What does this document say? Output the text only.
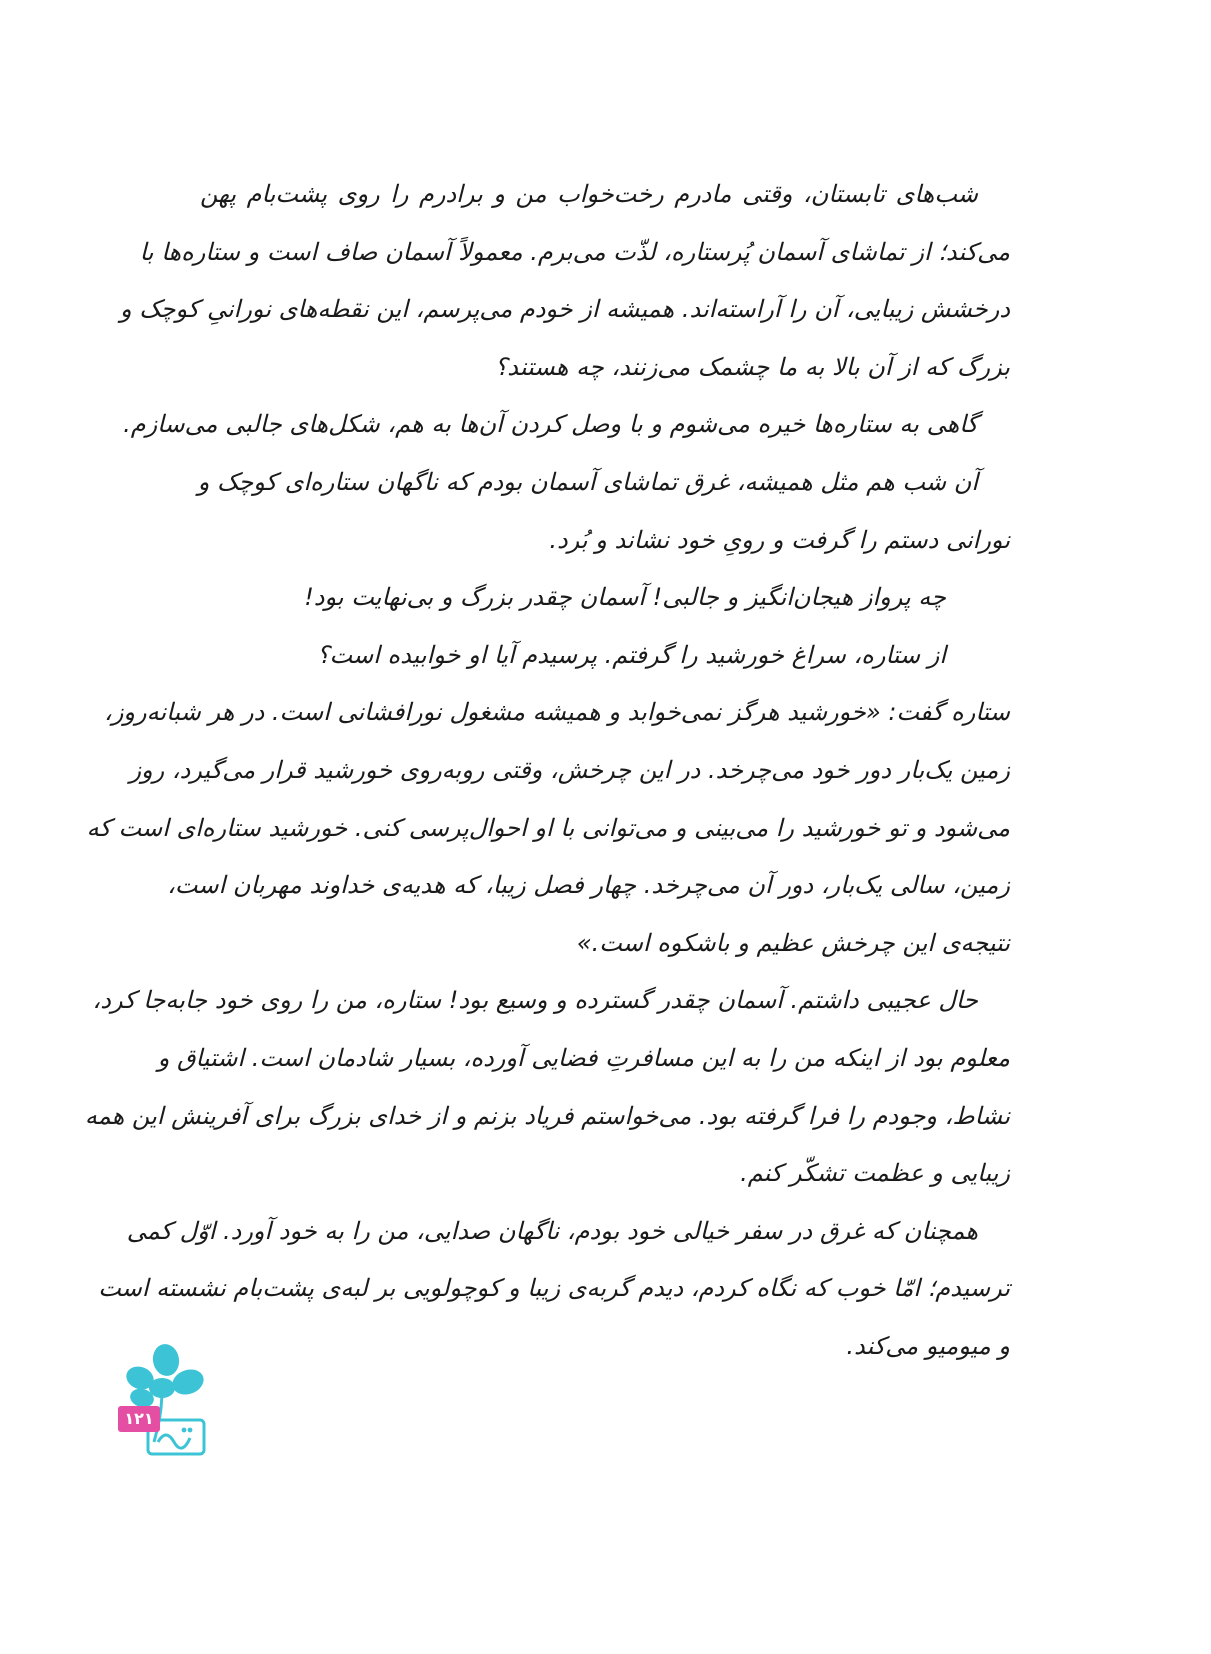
شب‌های تابستان، وقتی مادرم رخت‌خواب من و برادرم را روی پشت‌بام پهن
می‌کند؛ از تماشای آسمان پُرستاره، لذّت می‌برم. معمولاً آسمان صاف است و ستاره‌ها با
درخشش زیبایی، آن را آراسته‌اند. همیشه از خودم می‌پرسم، این نقطه‌های نورانیِ کوچک و
بزرگ که از آن بالا به ما چشمک می‌زنند، چه هستند؟
گاهی به ستاره‌ها خیره می‌شوم و با وصل کردن آن‌ها به هم، شکل‌های جالبی می‌سازم.
آن شب هم مثل همیشه، غرق تماشای آسمان بودم که ناگهان ستاره‌ای کوچک و
نورانی دستم را گرفت و رویِ خود نشاند و بُرد.
چه پرواز هیجان‌انگیز و جالبی! آسمان چقدر بزرگ و بی‌نهایت بود!
از ستاره، سراغ خورشید را گرفتم. پرسیدم آیا او خوابیده است؟
ستاره گفت: «خورشید هرگز نمی‌خوابد و همیشه مشغول نورافشانی است. در هر شبانه‌روز،
زمین یک‌بار دور خود می‌چرخد. در این چرخش، وقتی روبه‌روی خورشید قرار می‌گیرد، روز
می‌شود و تو خورشید را می‌بینی و می‌توانی با او احوال‌پرسی کنی. خورشید ستاره‌ای است که
زمین، سالی یک‌بار، دور آن می‌چرخد. چهار فصل زیبا، که هدیه‌ی خداوند مهربان است،
نتیجه‌ی این چرخش عظیم و باشکوه است.»
حال عجیبی داشتم. آسمان چقدر گسترده و وسیع بود! ستاره، من را روی خود جابه‌جا کرد،
معلوم بود از اینکه من را به این مسافرتِ فضایی آورده، بسیار شادمان است. اشتیاق و
نشاط، وجودم را فرا گرفته بود. می‌خواستم فریاد بزنم و از خدای بزرگ برای آفرینش این همه
زیبایی و عظمت تشکّر کنم.
همچنان که غرق در سفر خیالی خود بودم، ناگهان صدایی، من را به خود آورد. اوّل کمی
ترسیدم؛ امّا خوب که نگاه کردم، دیدم گربه‌ی زیبا و کوچولویی بر لبه‌ی پشت‌بام نشسته است
و میومیو می‌کند.
۱۲۱
